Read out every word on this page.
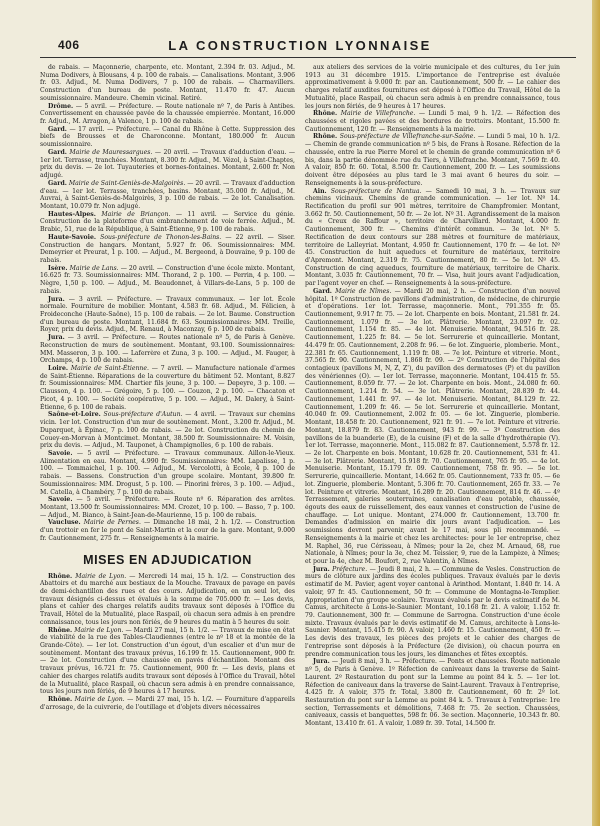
406	LA CONSTRUCTION LYONNAISE

de rabais. — Maçonnerie, charpente, etc. Montant, 2.394 fr. 03. Adjud., M. Numa Dodivers, à Blousans, 4 p. 100 de rabais. — Canalisations. Montant, 3.906 fr. 03. Adjud., M. Numa Dodivers, 7 p. 100 de rabais. — Charmavillers. Construction d'un bureau de poste. Montant, 11.470 fr. 47. Aucun soumissionnaire. Mandeure. Chemin vicinal. Retiré.

Drôme. — 5 avril. — Préfecture. — Route nationale nº 7, de Paris à Antibes. Convertissement en chaussée pavée de la chaussée empierrée. Montant, 16.000 fr. Adjud., M. Arragon, à Valence, 1 p. 100 de rabais.

Gard. — 17 avril. — Préfecture. — Canal du Rhône à Cette. Suppression des biefs de Brousses et de Charonconne. Montant, 180.000 fr. Aucun soumissionnaire.

Gard. Mairie de Mauressargues. — 20 avril. — Travaux d'adduction d'eau. — 1er lot. Terrasse, tranchées. Montant, 8.300 fr. Adjud., M. Vézol, à Saint-Chaptes, prix du devis. — 2e lot. Tuyauteries et bornes-fontaines. Montant, 2.600 fr. Non adjugé.

Gard. Mairie de Saint-Geniès-de-Malgoirès. — 20 avril. — Travaux d'adduction d'eau. — 1er lot. Terrasse, tranchées, basins. Montant, 35.000 fr. Adjud., M. Auvrai, à Saint-Geniès-de-Malgoirès, 3 p. 100 de rabais. — 2e lot. Canalisation. Montant, 10.079 fr. Non adjugé.

Hautes-Alpes. Mairie de Briançon. — 11 avril. — Service du génie. Construction de la plateforme d'un embranchement de voie ferrée. Adjud., M. Brabic, 51, rue de la République, à Saint-Étienne, 9 p. 100 de rabais.

Haute-Savoie. Sous-préfecture de Thonon-les-Bains. — 22 avril. — Siser. Construction de hangars. Montant, 5.927 fr. 06. Soumissionnaires: MM. Demeyrier et Preurat, 1 p. 100. — Adjud., M. Bergeond, à Douvaine, 9 p. 100 de rabais.

Isère. Mairie de Lans. — 20 avril. — Construction d'une école mixte. Montant, 16.625 fr. 73. Soumissionnaires: MM. Thorand, 2 p. 100. — Perrin, 4 p. 100. — Nègre, 1,50 p. 100. — Adjud., M. Beaudonnet, à Villars-de-Lans, 5 p. 100 de rabais.

Jura. — 3 avril. — Préfecture. — Travaux communaux. — 1er lot. École normale. Fourniture de mobilier. Montant, 4.583 fr. 68. Adjud., M. Félicien, à Froideconche (Haute-Saône), 15 p. 100 de rabais. — 2e lot. Baume. Construction d'un bureau de poste. Montant, 11.684 fr. 63. Soumissionnaires: MM. Treille, Royer, prix du devis. Adjud., M. Renaud, à Maconzay, 6 p. 100 de rabais.

Jura. — 3 avril. — Préfecture. — Routes nationale nº 5, de Paris à Genève. Reconstruction de murs de soutènement. Montant, 93.100. Soumissionnaires: MM. Masseron, 3 p. 100. — Laferrère et Zuna, 3 p. 100. — Adjud., M. Fauger, à Orchamps, 4 p. 100 de rabais.

Loire. Mairie de Saint-Étienne. — 7 avril. — Manufacture nationale d'armes de Saint-Étienne. Réparations de la couverture du bâtiment 52. Montant, 8.827 fr. Soumissionnaires: MM. Chartier fils jeune, 3 p. 100. — Depeyre, 3 p. 100. — Clausson, 4 p. 100. — Grégoire, 5 p. 100. — Couzon, 2 p. 100. — Chacaton et Picot, 4 p. 100. — Société coopérative, 5 p. 100. — Adjud., M. Dalery, à Saint-Étienne, 6 p. 100 de rabais.

Saône-et-Loire. Sous-préfecture d'Autun. — 4 avril. — Travaux sur chemins vicin. 1er lot. Construction d'un mur de soutènement. Mont., 3.200 fr. Adjud., M. Duparquet, à Épinac, 7 p. 100 de rabais. — 2e lot. Construction du chemin de Couey-en-Morvan à Montcimet. Montant, 38.500 fr. Soumissionnaire: M. Voisin, prix du devis. — Adjud., M. Tauponet, à Champignolles, 6 p. 100 de rabais.

Savoie. — 5 avril — Préfecture. — Travaux communaux. Aillon-le-Vieux. Alimentation en eau. Montant, 4.990 fr. Soumissionnaires: MM. Lapalisse, 1 p. 100. — Tommaichel, 1 p. 100. — Adjud., M. Vercolotti, à Ecole, 4 p. 100 de rabais. — Bassens. Construction d'un groupe scolaire. Montant, 39.800 fr. Soumissionnaires: MM. Drogust, 5 p. 100. — Pinorini frères, 3 p. 100. — Adjud., M. Catella, à Chambéry, 7 p. 100 de rabais.

Savoie. — 5 avril. — Préfecture. — Route nº 6. Réparation des arrêtes. Montant, 13.500 fr. Soumissionnaires: MM. Crozet, 10 p. 100. — Basso, 7 p. 100. — Adjud., M. Bianco, à Saint-Jean-de-Maurienne, 15 p. 100 de rabais.

Vaucluse. Mairie de Pernes. — Dimanche 18 mai, 2 h. 1/2. — Construction d'un trottoir en fer le pont de Saint-Martin et la cour de la gare. Montant, 9.000 fr. Cautionnement, 275 fr. — Renseignements à la mairie.

MISES EN ADJUDICATION

Rhône. Mairie de Lyon. — Mercredi 14 mai, 15 h. 1/2. — Construction des Abattoirs et du marché aux bestiaux de la Mouche. Travaux de pavage en pavés de demi-échantillon des rues et des cours. Adjudication, en un seul lot, des travaux désignés ci-dessus et évalués à la somme de 705.000 fr. — Les devis, plans et cahier des charges relatifs audits travaux sont déposés à l'Office du Travail, Hôtel de la Mutualité, place Raspail, où chacun sera admis à en prendre connaissance, tous les jours non fériés, de 9 heures du matin à 5 heures du soir.

Rhône. Mairie de Lyon. — Mardi 27 mai, 15 h. 1/2. — Travaux de mise en état de viabilité de la rue des Tables-Claudiennes (entre le nº 18 et la montée de la Grande-Côte). — 1er lot. Construction d'un égout, d'un escalier et d'un mur de soutènement. Montant des travaux prévus, 16.199 fr. 15. Cautionnement, 900 fr. — 2e lot. Construction d'une chaussée en pavés d'échantillon. Montant des travaux prévus, 16.721 fr. 75. Cautionnement, 900 fr. — Les devis, plans et cahier des charges relatifs audits travaux sont déposés à l'Office du Travail, hôtel de la Mutualité, place Raspail, où chacun sera admis à en prendre connaissance, tous les jours non fériés, de 9 heures à 17 heures.

Rhône. Mairie de Lyon. — Mardi 27 mai, 15 h. 1/2. — Fourniture d'appareils d'arrosage, de la cuivrerie, de l'outillage et d'objets divers nécessaires

aux ateliers des services de la voirie municipale et des cultures, du 1er juin 1913 au 31 décembre 1915. L'importance de l'entreprise est évaluée approximativement à 9.000 fr. par an. Cautionnement, 500 fr. — Le cahier des charges relatif auxdites fournitures est déposé à l'Office du Travail, Hôtel de la Mutualité, place Raspail, où chacun sera admis à en prendre connaissance, tous les jours non fériés, de 9 heures à 17 heures.

Rhône. Mairie de Villefranche. — Lundi 5 mai, 9 h. 1/2. — Réfection des chaussées et rigoles pavées et des bordures de trottoirs. Montant, 15.500 fr. Cautionnement, 120 fr. — Renseignements à la mairie.

Rhône. Sous-préfecture de Villefranche-sur-Saône. — Lundi 5 mai, 10 h. 1/2. — Chemin de grande communication nº 5 bis, de Frans à Rosane. Réfection de la chaussée, entre la rue Pierre Morel et le chemin de grande communication nº 6 bis, dans la partie dénommée rue du Tiers, à Villefranche. Montant, 7.569 fr. 40. A valoir, 850 fr. 60. Total, 8.500 fr. Cautionnement, 200 fr. — Les soumissions doivent être déposées au plus tard le 3 mai avant 6 heures du soir. — Renseignements à la sous-préfecture.

Ain. Sous-préfecture de Nantua. — Samedi 10 mai, 3 h. — Travaux sur chemins vicinaux. Chemins de grande communication. — 1er lot. Nº 14. Rectification du profil sur 901 mètres, territoire de Champfromier. Montant, 3.662 fr. 50. Cautionnement, 50 fr. — 2e lot. Nº 31. Agrandissement de la maison du « Creux de Raffour », territoire de Charvillard. Montant, 4.000 fr. Cautionnement, 300 fr. — Chemins d'intérêt commun. — 3e lot. Nº 5. Rectification de deux contours sur 288 mètres et fourniture de matériaux, territoire de Lalleyriat. Montant, 4.950 fr. Cautionnement, 170 fr. — 4e lot. Nº 45. Construction de huit aqueducs et fourniture de matériaux, territoire d'Apremont. Montant, 2.319 fr. 75. Cautionnement, 80 fr. — 5e lot. Nº 45. Construction de cinq aqueducs, fourniture de matériaux, territoire de Charix. Montant, 3.035 fr. Cautionnement, 70 fr. — Visa, huit jours avant l'adjudication, par l'agent voyer en chef. — Renseignements à la sous-préfecture.

Gard. Mairie de Nîmes. — Mardi 20 mai, 2 h. — Construction d'un nouvel hôpital. 1º Construction de pavillons d'administration, de médecine, de chirurgie et d'opérations. 1er lot. Terrasse, maçonnerie. Mont., 791.355 fr. 05. Cautionnement, 9.917 fr. 75. — 2e lot. Charpente en bois. Montant, 21.581 fr. 24. Cautionnement, 1.079 fr. — 3e lot. Plâtrerie. Montant, 23.097 fr. 02. Cautionnement, 1.154 fr. 85. — 4e lot. Menuiserie. Montant, 94.516 fr. 28. Cautionnement, 1.225 fr. 84. — 5e lot. Serrurerie et quincaillerie. Montant, 44.479 fr. 05. Cautionnement, 2.208 fr. 96. — 6e lot. Zinguerie, plomberie. Mont., 22.381 fr. 65. Cautionnement, 1.119 fr. 08. — 7e lot. Peinture et vitrerie. Mont., 37.565 fr. 90. Cautionnement, 1.868 fr. 09. — 2º Construction de l'hôpital des contagieux (pavillons M, N, Z, Z'), du pavillon des dermatoses (P) et du pavillon des vénériennes (O). — 1er lot. Terrasse, maçonnerie. Montant, 104.415 fr. 55. Cautionnement, 8.059 fr. 77. — 2e lot. Charpente en bois. Mont., 24.080 fr. 60. Cautionnement, 1.214 fr. 54. — 3e lot. Plâtrerie. Montant, 28.839 fr. 44. Cautionnement, 1.441 fr. 97. — 4e lot. Menuiserie. Montant, 84.129 fr. 22. Cautionnement, 1.209 fr. 46. — 5e lot. Serrurerie et quincaillerie. Montant, 40.040 fr. 09. Cautionnement, 2.002 fr. 05. — 6e lot. Zinguerie, plomberie. Montant, 18.458 fr. 20. Cautionnement, 921 fr. 91. — 7e lot. Peinture et vitrerie. Montant, 18.879 fr. 83. Cautionnement, 943 fr. 99. — 3º Construction des pavillons de la buanderie (E), de la cuisine (F) et de la salle d'hydrothérapie (V). 1er lot. Terrasse, maçonnerie. Mont., 115.082 fr. 87. Cautionnement, 5.578 fr. 12. — 2e lot. Charpente en bois. Montant, 10.628 fr. 20. Cautionnement, 531 fr. 41. — 3e lot. Plâtrerie. Montant, 15.918 fr. 70. Cautionnement, 765 fr. 95. — 4e lot. Menuiserie. Montant, 15.179 fr. 09. Cautionnement, 758 fr. 95. — 5e lot. Serrurerie, quincaillerie. Montant, 14.662 fr. 05. Cautionnement, 733 fr. 05. — 6e lot. Zinguerie, plomberie. Montant, 5.306 fr. 70. Cautionnement, 265 fr. 33. — 7e lot. Peinture et vitrerie. Montant, 16.289 fr. 20. Cautionnement, 814 fr. 46. — 4º Terrassement, galeries souterraines, canalisation d'eau potable, chaussée, égouts des eaux de ruissellement, des eaux vannes et construction de l'usine de chauffage. — Lot unique. Montant, 274.000 fr. Cautionnement, 13.700 fr. Demandes d'admission en mairie dix jours avant l'adjudication. — Les soumissions devront parvenir, avant le 17 mai, sous pli recommandé. — Renseignements à la mairie et chez les architectes: pour le 1er entreprise, chez M. Raphel, 36, rue Cérisseau, à Nîmes; pour la 2e, chez M. Arnaud, 68, rue Nationale, à Nîmes; pour la 3e, chez M. Teissier, 9, rue de la Lampèze, à Nîmes; et pour la 4e, chez M. Boufort, 2, rue Valentin, à Nîmes.

Jura. Préfecture. — Jeudi 8 mai, 2 h. — Commune de Vesles. Construction de murs de clôture aux jardins des écoles publiques. Travaux évalués par le devis estimatif de M. Pavier, agent voyer cantonal à Arinthod. Montant, 1.840 fr. 14. A valoir, 97 fr. 45. Cautionnement, 50 fr. — Commune de Montagna-le-Templier. Appropriation d'un groupe scolaire. Travaux évalués par le devis estimatif de M. Camus, architecte à Lons-le-Saunier. Montant, 10.168 fr. 21. A valoir, 1.152 fr. 79. Cautionnement, 300 fr. — Commune de Sarrogna. Construction d'une école mixte. Travaux évalués par le devis estimatif de M. Camus, architecte à Lons-le-Saunier. Montant, 15.415 fr. 90. A valoir, 1.460 fr. 15. Cautionnement, 450 fr. — Les devis des travaux, les pièces des projets et le cahier des charges de l'entreprise sont déposés à la Préfecture (2e division), où chacun pourra en prendre communication tous les jours, les dimanches et fêtes exceptés.

Jura. — Jeudi 8 mai, 3 h. — Préfecture. — Ponts et chaussées. Route nationale nº 5, de Paris à Genève. 1º Réfection de caniveaux dans la traverse de Saint-Laurent. 2º Restauration du pont sur la Lemme au point 84 k. 5. — 1er lot. Réfection de caniveaux dans la traverse de Saint-Laurent. Travaux à l'entreprise, 4.425 fr. A valoir, 375 fr. Total, 3.800 fr. Cautionnement, 60 fr. 2º lot. Restauration du pont sur la Lemme au point 84 k. 5. Travaux à l'entreprise: 1re section, Terrassements et démolitions, 7.468 fr. 75. 2e section. Chaussées, caniveaux, cassis et banquettes, 598 fr. 06. 3e section. Maçonnerie, 10.343 fr. 80. Montant, 13.410 fr. 61. A valoir, 1.089 fr. 39. Total, 14.500 fr.
